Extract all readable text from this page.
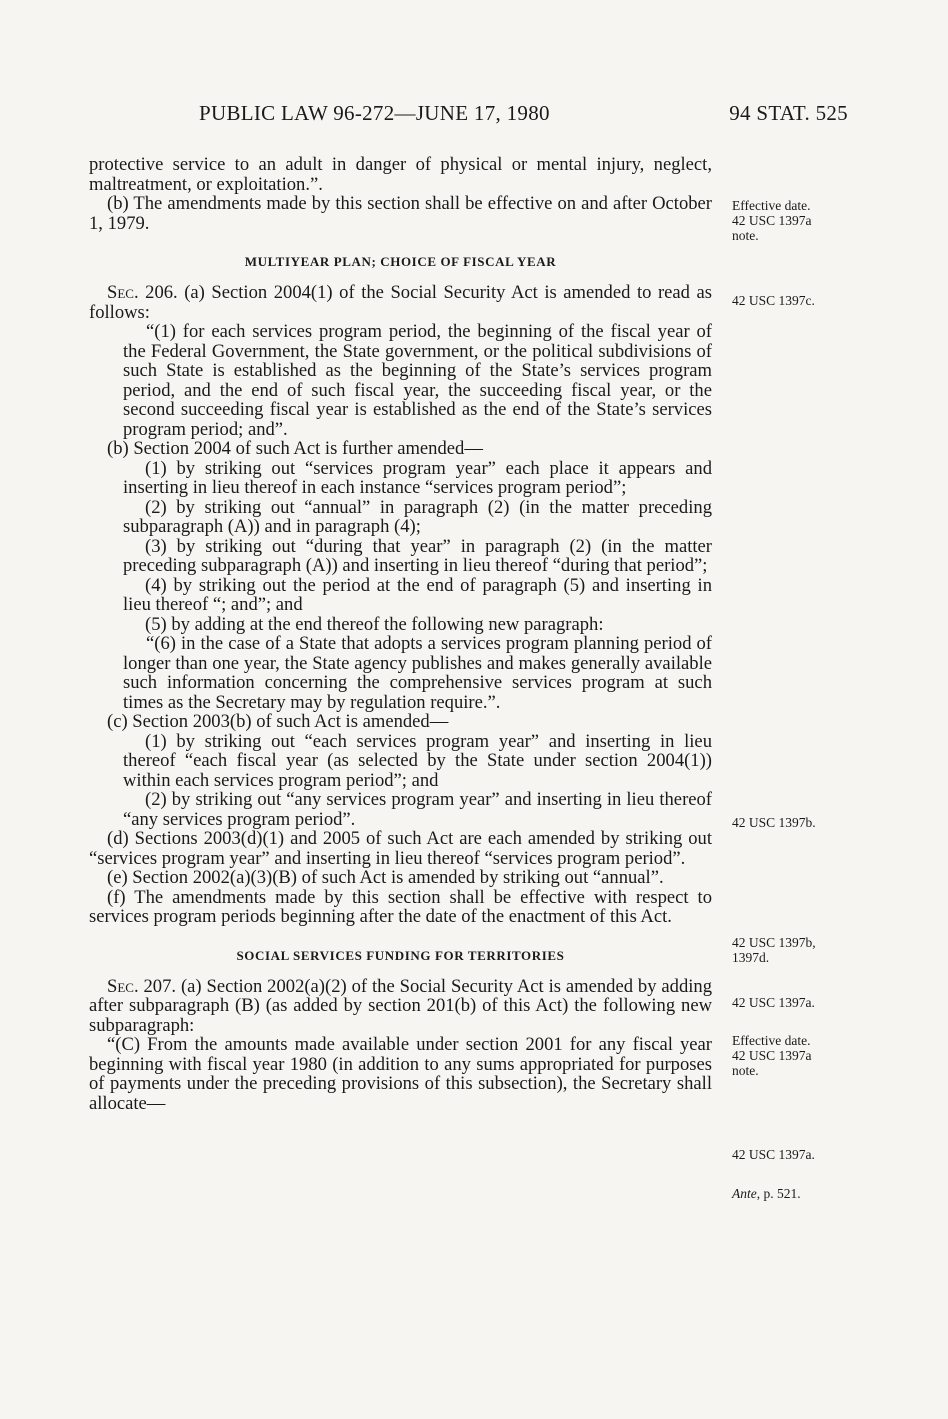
PUBLIC LAW 96-272—JUNE 17, 1980	94 STAT. 525

protective service to an adult in danger of physical or mental injury, neglect, maltreatment, or exploitation.”.

(b) The amendments made by this section shall be effective on and after October 1, 1979.

MULTIYEAR PLAN; CHOICE OF FISCAL YEAR

Sec. 206. (a) Section 2004(1) of the Social Security Act is amended to read as follows:

“(1) for each services program period, the beginning of the fiscal year of the Federal Government, the State government, or the political subdivisions of such State is established as the beginning of the State’s services program period, and the end of such fiscal year, the succeeding fiscal year, or the second succeeding fiscal year is established as the end of the State’s services program period; and”.

(b) Section 2004 of such Act is further amended—

(1) by striking out “services program year” each place it appears and inserting in lieu thereof in each instance “services program period”;

(2) by striking out “annual” in paragraph (2) (in the matter preceding subparagraph (A)) and in paragraph (4);

(3) by striking out “during that year” in paragraph (2) (in the matter preceding subparagraph (A)) and inserting in lieu thereof “during that period”;

(4) by striking out the period at the end of paragraph (5) and inserting in lieu thereof “; and”; and

(5) by adding at the end thereof the following new paragraph:

“(6) in the case of a State that adopts a services program planning period of longer than one year, the State agency publishes and makes generally available such information concerning the comprehensive services program at such times as the Secretary may by regulation require.”.

(c) Section 2003(b) of such Act is amended—

(1) by striking out “each services program year” and inserting in lieu thereof “each fiscal year (as selected by the State under section 2004(1)) within each services program period”; and

(2) by striking out “any services program year” and inserting in lieu thereof “any services program period”.

(d) Sections 2003(d)(1) and 2005 of such Act are each amended by striking out “services program year” and inserting in lieu thereof “services program period”.

(e) Section 2002(a)(3)(B) of such Act is amended by striking out “annual”.

(f) The amendments made by this section shall be effective with respect to services program periods beginning after the date of the enactment of this Act.

SOCIAL SERVICES FUNDING FOR TERRITORIES

Sec. 207. (a) Section 2002(a)(2) of the Social Security Act is amended by adding after subparagraph (B) (as added by section 201(b) of this Act) the following new subparagraph:

“(C) From the amounts made available under section 2001 for any fiscal year beginning with fiscal year 1980 (in addition to any sums appropriated for purposes of payments under the preceding provisions of this subsection), the Secretary shall allocate—

Effective date.
42 USC 1397a
note.
42 USC 1397c.
42 USC 1397b.
42 USC 1397b,
1397d.
42 USC 1397a.
Effective date.
42 USC 1397a
note.
42 USC 1397a.
Ante, p. 521.
